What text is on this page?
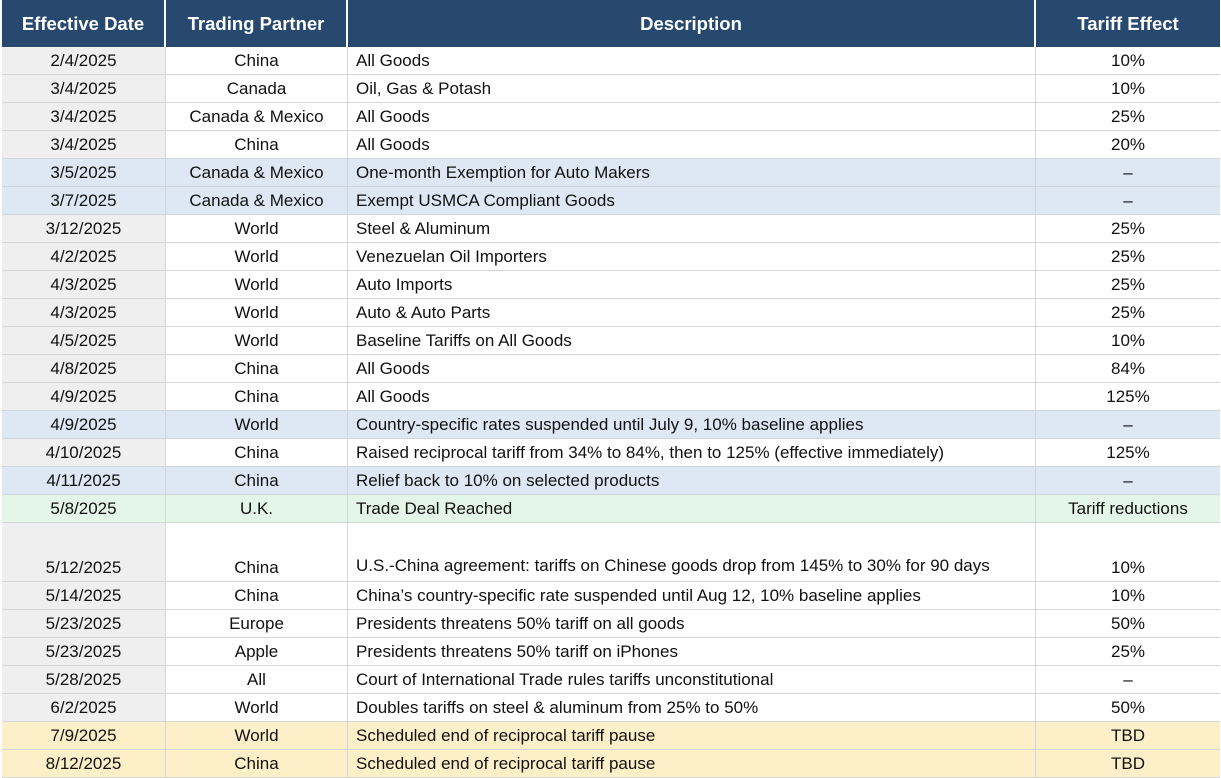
Effective Date	Trading Partner	Description	Tariff Effect
2/4/2025	China	All Goods	10%
3/4/2025	Canada	Oil, Gas & Potash	10%
3/4/2025	Canada & Mexico	All Goods	25%
3/4/2025	China	All Goods	20%
3/5/2025	Canada & Mexico	One-month Exemption for Auto Makers	–
3/7/2025	Canada & Mexico	Exempt USMCA Compliant Goods	–
3/12/2025	World	Steel & Aluminum	25%
4/2/2025	World	Venezuelan Oil Importers	25%
4/3/2025	World	Auto Imports	25%
4/3/2025	World	Auto & Auto Parts	25%
4/5/2025	World	Baseline Tariffs on All Goods	10%
4/8/2025	China	All Goods	84%
4/9/2025	China	All Goods	125%
4/9/2025	World	Country-specific rates suspended until July 9, 10% baseline applies	–
4/10/2025	China	Raised reciprocal tariff from 34% to 84%, then to 125% (effective immediately)	125%
4/11/2025	China	Relief back to 10% on selected products	–
5/8/2025	U.K.	Trade Deal Reached	Tariff reductions
5/12/2025	China	U.S.-China agreement: tariffs on Chinese goods drop from 145% to 30% for 90 days	10%
5/14/2025	China	China’s country-specific rate suspended until Aug 12, 10% baseline applies	10%
5/23/2025	Europe	Presidents threatens 50% tariff on all goods	50%
5/23/2025	Apple	Presidents threatens 50% tariff on iPhones	25%
5/28/2025	All	Court of International Trade rules tariffs unconstitutional	–
6/2/2025	World	Doubles tariffs on steel & aluminum from 25% to 50%	50%
7/9/2025	World	Scheduled end of reciprocal tariff pause	TBD
8/12/2025	China	Scheduled end of reciprocal tariff pause	TBD
